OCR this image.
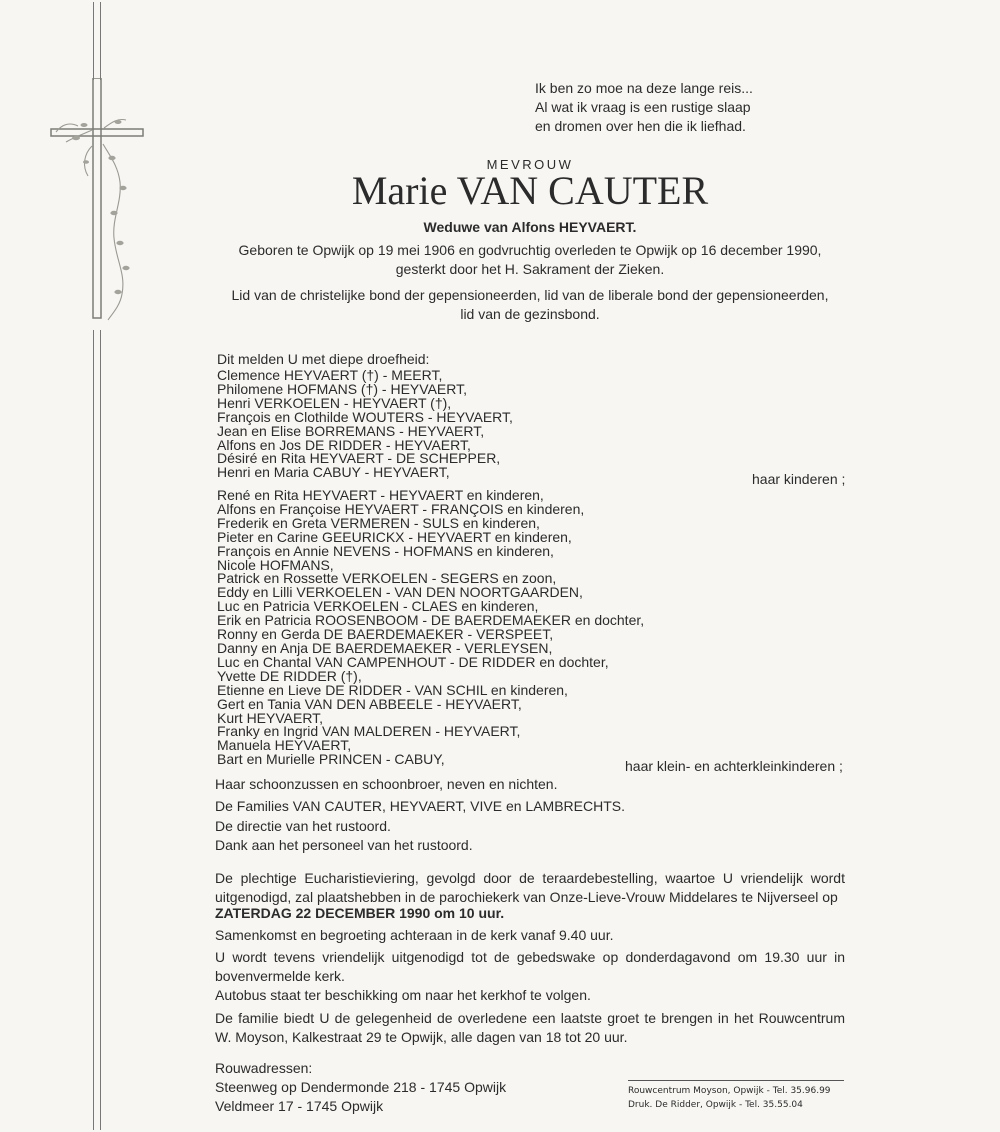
Ik ben zo moe na deze lange reis...
Al wat ik vraag is een rustige slaap
en dromen over hen die ik liefhad.
MEVROUW
Marie VAN CAUTER
Weduwe van Alfons HEYVAERT.
Geboren te Opwijk op 19 mei 1906 en godvruchtig overleden te Opwijk op 16 december 1990,
gesterkt door het H. Sakrament der Zieken.
Lid van de christelijke bond der gepensioneerden, lid van de liberale bond der gepensioneerden,
lid van de gezinsbond.
Dit melden U met diepe droefheid:
Clemence HEYVAERT (†) - MEERT,
Philomene HOFMANS (†) - HEYVAERT,
Henri VERKOELEN - HEYVAERT (†),
François en Clothilde WOUTERS - HEYVAERT,
Jean en Elise BORREMANS - HEYVAERT,
Alfons en Jos DE RIDDER - HEYVAERT,
Désiré en Rita HEYVAERT - DE SCHEPPER,
Henri en Maria CABUY - HEYVAERT,	haar kinderen ;
René en Rita HEYVAERT - HEYVAERT en kinderen,
Alfons en Françoise HEYVAERT - FRANÇOIS en kinderen,
Frederik en Greta VERMEREN - SULS en kinderen,
Pieter en Carine GEEURICKX - HEYVAERT en kinderen,
François en Annie NEVENS - HOFMANS en kinderen,
Nicole HOFMANS,
Patrick en Rossette VERKOELEN - SEGERS en zoon,
Eddy en Lilli VERKOELEN - VAN DEN NOORTGAARDEN,
Luc en Patricia VERKOELEN - CLAES en kinderen,
Erik en Patricia ROOSENBOOM - DE BAERDEMAEKER en dochter,
Ronny en Gerda DE BAERDEMAEKER - VERSPEET,
Danny en Anja DE BAERDEMAEKER - VERLEYSEN,
Luc en Chantal VAN CAMPENHOUT - DE RIDDER en dochter,
Yvette DE RIDDER (†),
Etienne en Lieve DE RIDDER - VAN SCHIL en kinderen,
Gert en Tania VAN DEN ABBEELE - HEYVAERT,
Kurt HEYVAERT,
Franky en Ingrid VAN MALDEREN - HEYVAERT,
Manuela HEYVAERT,
Bart en Murielle PRINCEN - CABUY,	haar klein- en achterkleinkinderen ;
Haar schoonzussen en schoonbroer, neven en nichten.
De Families VAN CAUTER, HEYVAERT, VIVE en LAMBRECHTS.
De directie van het rustoord.
Dank aan het personeel van het rustoord.
De plechtige Eucharistieviering, gevolgd door de teraardebestelling, waartoe U vriendelijk wordt uitgenodigd, zal plaatshebben in de parochiekerk van Onze-Lieve-Vrouw Middelares te Nijverseel op
ZATERDAG 22 DECEMBER 1990 om 10 uur.
Samenkomst en begroeting achteraan in de kerk vanaf 9.40 uur.
U wordt tevens vriendelijk uitgenodigd tot de gebedswake op donderdagavond om 19.30 uur in bovenvermelde kerk.
Autobus staat ter beschikking om naar het kerkhof te volgen.
De familie biedt U de gelegenheid de overledene een laatste groet te brengen in het Rouwcentrum W. Moyson, Kalkestraat 29 te Opwijk, alle dagen van 18 tot 20 uur.
Rouwadressen:
Steenweg op Dendermonde 218 - 1745 Opwijk
Veldmeer 17 - 1745 Opwijk
Rouwcentrum Moyson, Opwijk - Tel. 35.96.99
Druk. De Ridder, Opwijk - Tel. 35.55.04
